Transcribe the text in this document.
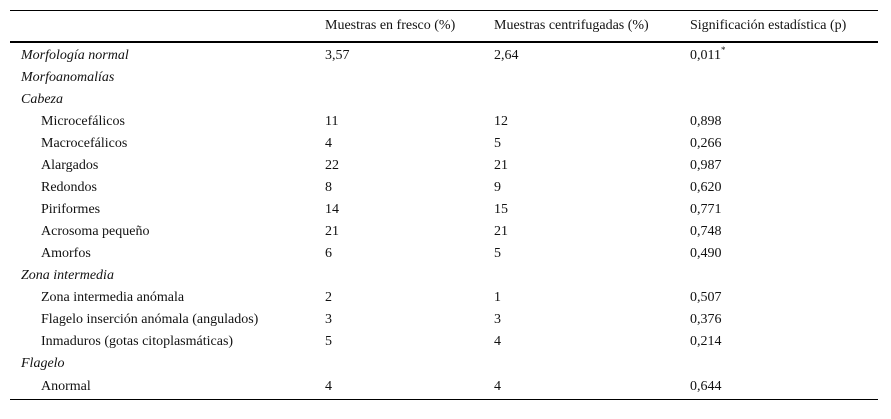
	Muestras en fresco (%)	Muestras centrifugadas (%)	Significación estadística (p)
Morfología normal	3,57	2,64	0,011*
Morfoanomalías			
Cabeza			
Microcefálicos	11	12	0,898
Macrocefálicos	4	5	0,266
Alargados	22	21	0,987
Redondos	8	9	0,620
Piriformes	14	15	0,771
Acrosoma pequeño	21	21	0,748
Amorfos	6	5	0,490
Zona intermedia			
Zona intermedia anómala	2	1	0,507
Flagelo inserción anómala (angulados)	3	3	0,376
Inmaduros (gotas citoplasmáticas)	5	4	0,214
Flagelo			
Anormal	4	4	0,644
